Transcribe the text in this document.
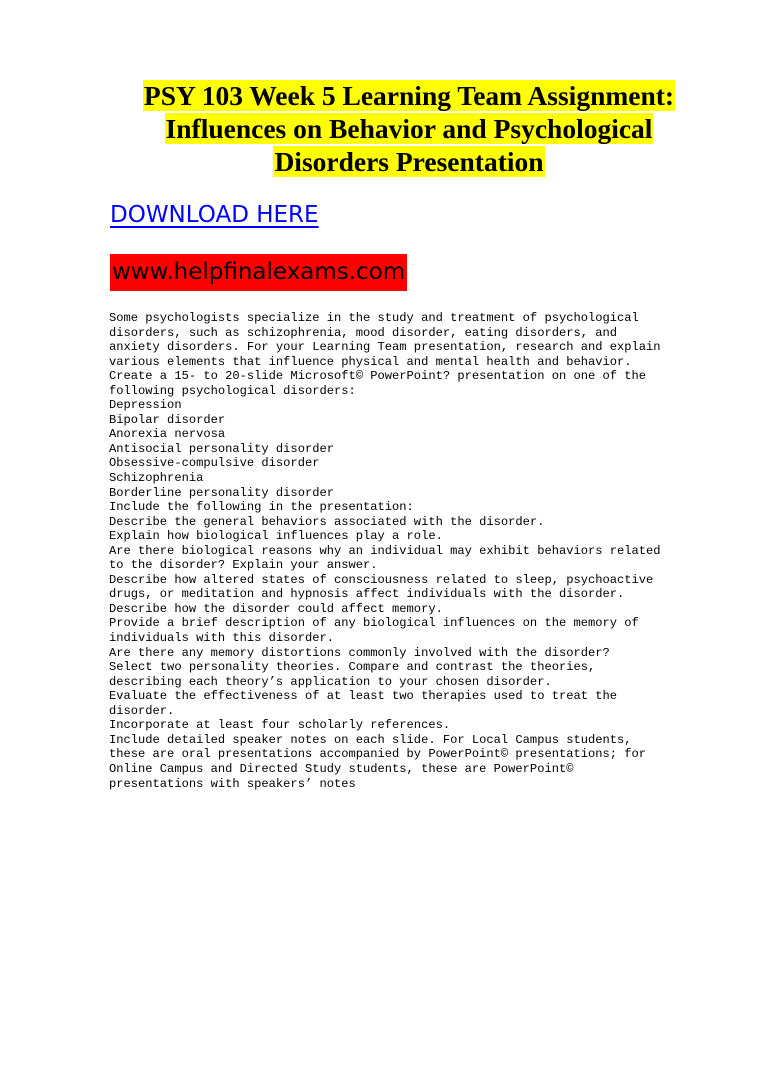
PSY 103 Week 5 Learning Team Assignment:
Influences on Behavior and Psychological
Disorders Presentation
DOWNLOAD HERE
www.helpfinalexams.com
Some psychologists specialize in the study and treatment of psychological
disorders, such as schizophrenia, mood disorder, eating disorders, and
anxiety disorders. For your Learning Team presentation, research and explain
various elements that influence physical and mental health and behavior.
Create a 15- to 20-slide Microsoft© PowerPoint? presentation on one of the
following psychological disorders:
Depression
Bipolar disorder
Anorexia nervosa
Antisocial personality disorder
Obsessive-compulsive disorder
Schizophrenia
Borderline personality disorder
Include the following in the presentation:
Describe the general behaviors associated with the disorder.
Explain how biological influences play a role.
Are there biological reasons why an individual may exhibit behaviors related
to the disorder? Explain your answer.
Describe how altered states of consciousness related to sleep, psychoactive
drugs, or meditation and hypnosis affect individuals with the disorder.
Describe how the disorder could affect memory.
Provide a brief description of any biological influences on the memory of
individuals with this disorder.
Are there any memory distortions commonly involved with the disorder?
Select two personality theories. Compare and contrast the theories,
describing each theory’s application to your chosen disorder.
Evaluate the effectiveness of at least two therapies used to treat the
disorder.
Incorporate at least four scholarly references.
Include detailed speaker notes on each slide. For Local Campus students,
these are oral presentations accompanied by PowerPoint© presentations; for
Online Campus and Directed Study students, these are PowerPoint©
presentations with speakers’ notes
